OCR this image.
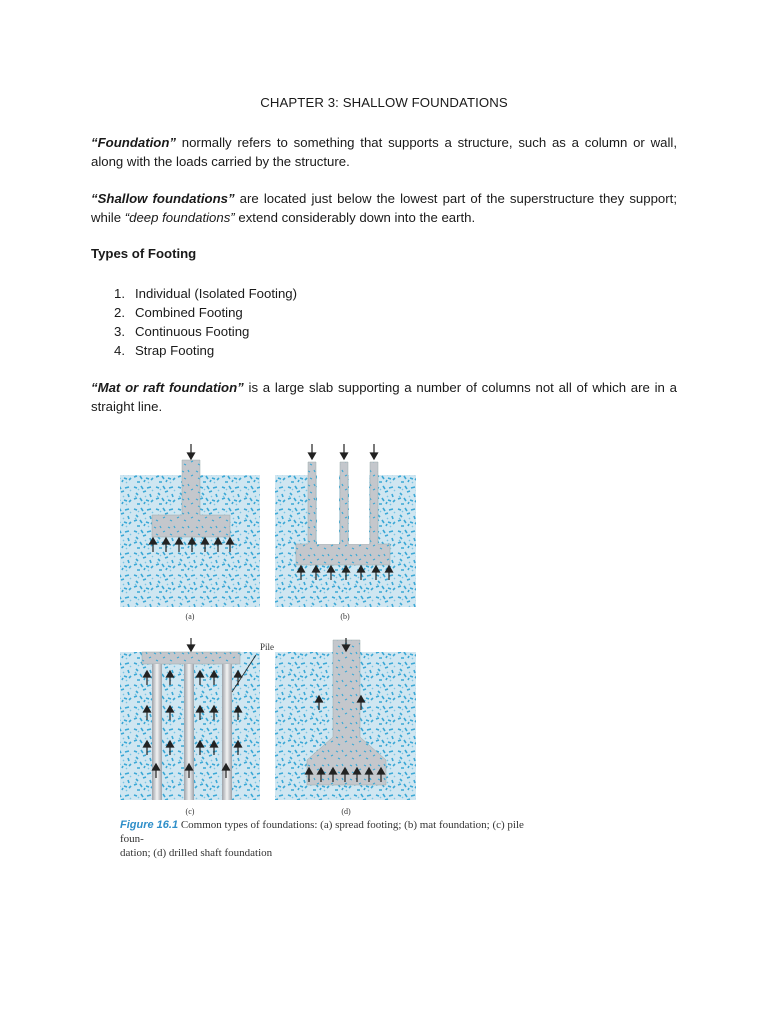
CHAPTER 3: SHALLOW FOUNDATIONS
“Foundation” normally refers to something that supports a structure, such as a column or wall, along with the loads carried by the structure.
“Shallow foundations” are located just below the lowest part of the superstructure they support; while “deep foundations” extend considerably down into the earth.
Types of Footing
1. Individual (Isolated Footing)
2. Combined Footing
3. Continuous Footing
4. Strap Footing
“Mat or raft foundation” is a large slab supporting a number of columns not all of which are in a straight line.
(a)	(b)
Pile
(c)	(d)
Figure 16.1 Common types of foundations: (a) spread footing; (b) mat foundation; (c) pile foun-
dation; (d) drilled shaft foundation
